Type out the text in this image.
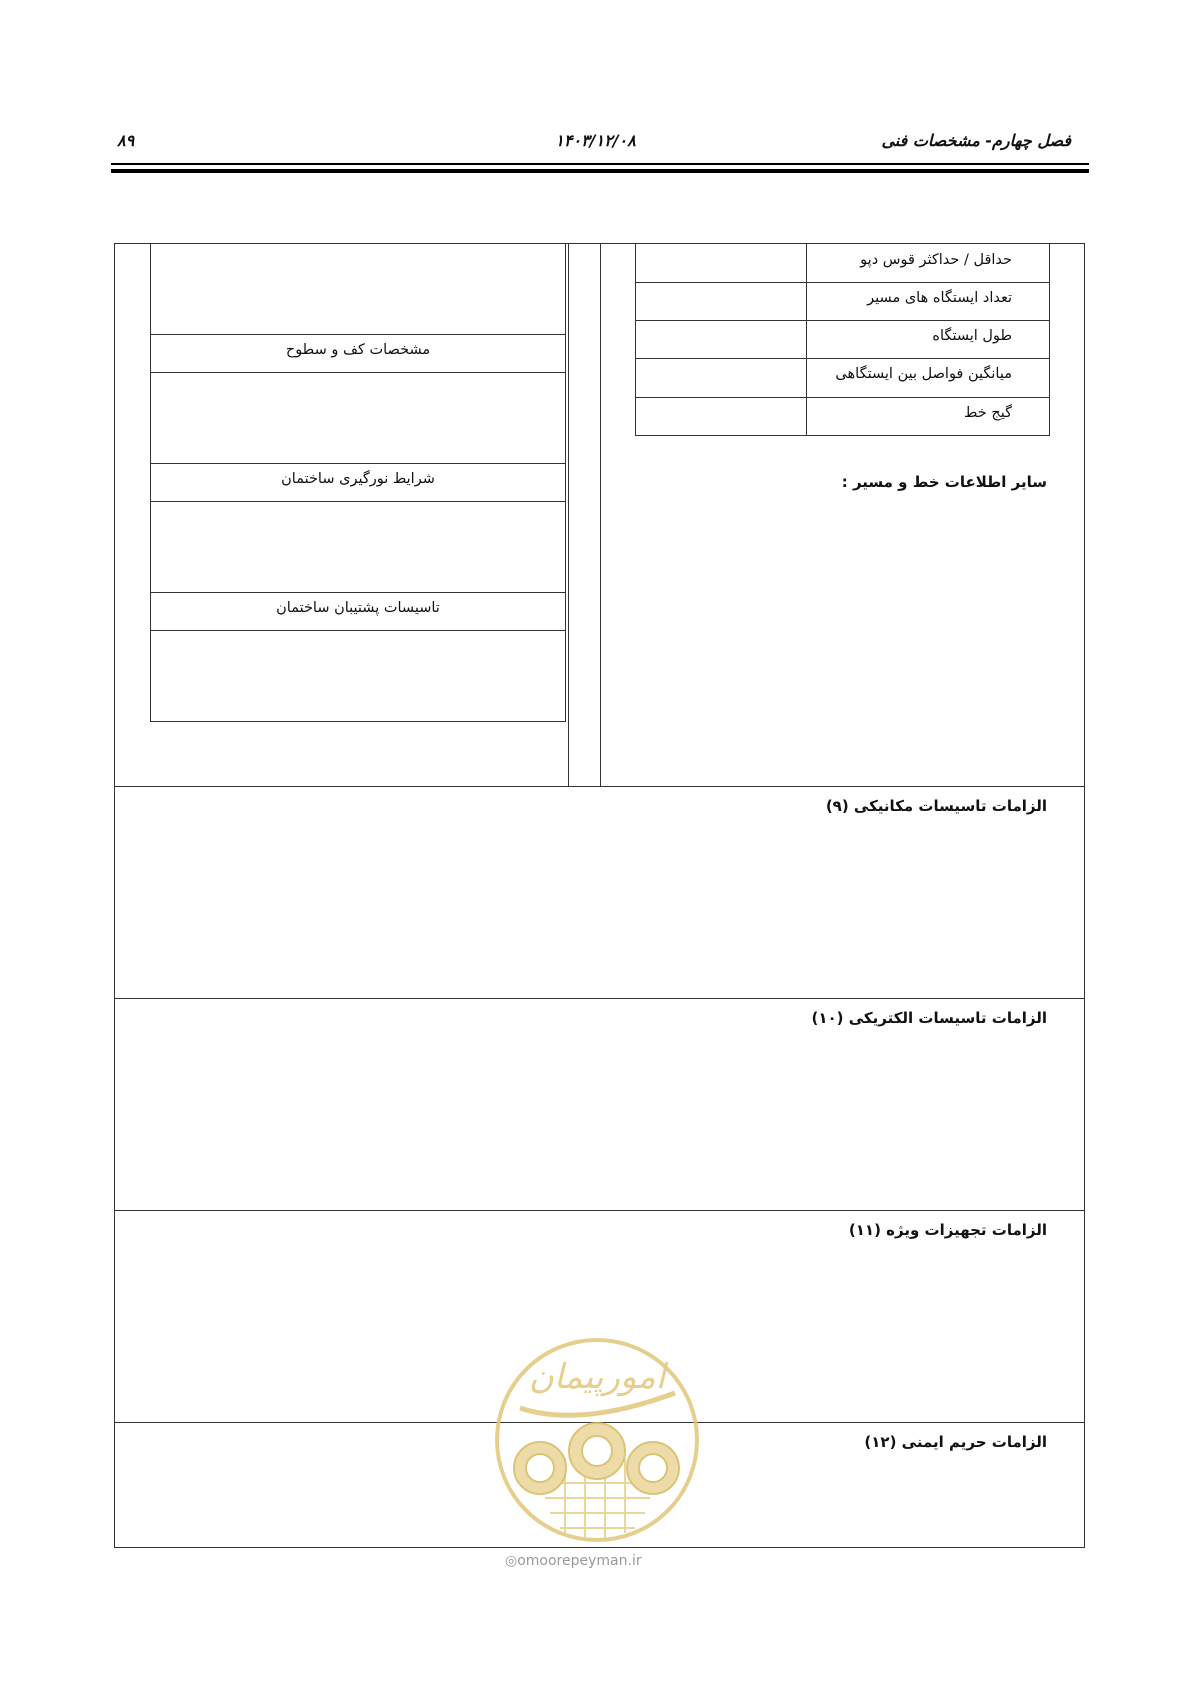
فصل چهارم- مشخصات فنی
۱۴۰۳/۱۲/۰۸
۸۹
حداقل / حداکثر قوس دپو
تعداد ایستگاه های مسیر
طول ایستگاه
میانگین فواصل بین ایستگاهی
گیج خط
سایر اطلاعات خط و مسیر :
مشخصات کف و سطوح
شرایط نورگیری ساختمان
تاسیسات پشتیبان ساختمان
الزامات تاسیسات مکانیکی (۹)
الزامات تاسیسات الکتریکی (۱۰)
الزامات تجهیزات ویژه (۱۱)
الزامات حریم ایمنی (۱۲)
امورپیمان
◎omoorepeyman.ir
